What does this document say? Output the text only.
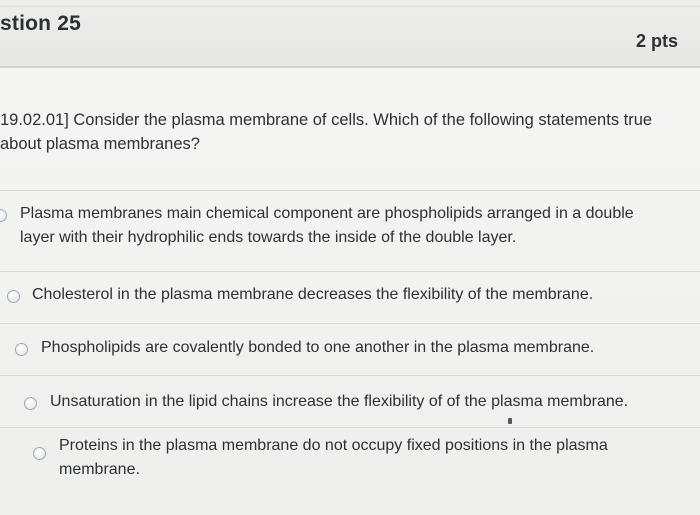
stion 25
2 pts
19.02.01] Consider the plasma membrane of cells. Which of the following statements true about plasma membranes?
Plasma membranes main chemical component are phospholipids arranged in a double layer with their hydrophilic ends towards the inside of the double layer.
Cholesterol in the plasma membrane decreases the flexibility of the membrane.
Phospholipids are covalently bonded to one another in the plasma membrane.
Unsaturation in the lipid chains increase the flexibility of of the plasma membrane.
Proteins in the plasma membrane do not occupy fixed positions in the plasma membrane.
